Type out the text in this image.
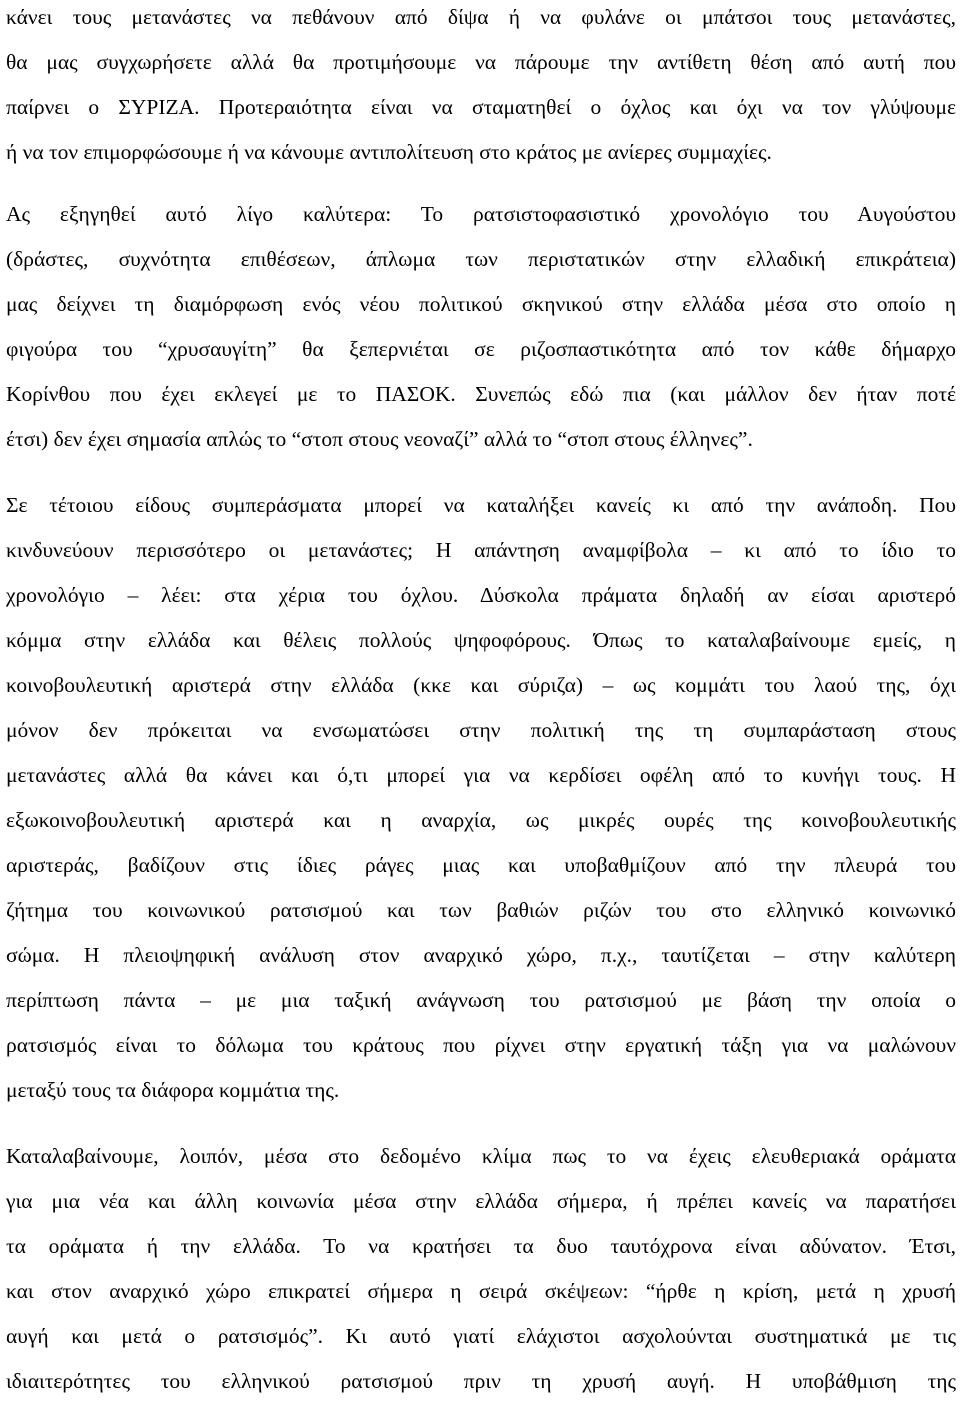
κάνει τους μετανάστες να πεθάνουν από δίψα ή να φυλάνε οι μπάτσοι τους μετανάστες,
θα μας συγχωρήσετε αλλά θα προτιμήσουμε να πάρουμε την αντίθετη θέση από αυτή που
παίρνει ο ΣΥΡΙΖΑ. Προτεραιότητα είναι να σταματηθεί ο όχλος και όχι να τον γλύψουμε
ή να τον επιμορφώσουμε ή να κάνουμε αντιπολίτευση στο κράτος με ανίερες συμμαχίες.
Ας εξηγηθεί αυτό λίγο καλύτερα: Το ρατσιστοφασιστικό χρονολόγιο του Αυγούστου
(δράστες, συχνότητα επιθέσεων, άπλωμα των περιστατικών στην ελλαδική επικράτεια)
μας δείχνει τη διαμόρφωση ενός νέου πολιτικού σκηνικού στην ελλάδα μέσα στο οποίο η
φιγούρα του “χρυσαυγίτη” θα ξεπερνιέται σε ριζοσπαστικότητα από τον κάθε δήμαρχο
Κορίνθου που έχει εκλεγεί με το ΠΑΣΟΚ. Συνεπώς εδώ πια (και μάλλον δεν ήταν ποτέ
έτσι) δεν έχει σημασία απλώς το “στοπ στους νεοναζί” αλλά το “στοπ στους έλληνες”.
Σε τέτοιου είδους συμπεράσματα μπορεί να καταλήξει κανείς κι από την ανάποδη. Που
κινδυνεύουν περισσότερο οι μετανάστες; Η απάντηση αναμφίβολα – κι από το ίδιο το
χρονολόγιο – λέει: στα χέρια του όχλου. Δύσκολα πράματα δηλαδή αν είσαι αριστερό
κόμμα στην ελλάδα και θέλεις πολλούς ψηφοφόρους. Όπως το καταλαβαίνουμε εμείς, η
κοινοβουλευτική αριστερά στην ελλάδα (κκε και σύριζα) – ως κομμάτι του λαού της, όχι
μόνον δεν πρόκειται να ενσωματώσει στην πολιτική της τη συμπαράσταση στους
μετανάστες αλλά θα κάνει και ό,τι μπορεί για να κερδίσει οφέλη από το κυνήγι τους. Η
εξωκοινοβουλευτική αριστερά και η αναρχία, ως μικρές ουρές της κοινοβουλευτικής
αριστεράς, βαδίζουν στις ίδιες ράγες μιας και υποβαθμίζουν από την πλευρά του
ζήτημα του κοινωνικού ρατσισμού και των βαθιών ριζών του στο ελληνικό κοινωνικό
σώμα. Η πλειοψηφική ανάλυση στον αναρχικό χώρο, π.χ., ταυτίζεται – στην καλύτερη
περίπτωση πάντα – με μια ταξική ανάγνωση του ρατσισμού με βάση την οποία ο
ρατσισμός είναι το δόλωμα του κράτους που ρίχνει στην εργατική τάξη για να μαλώνουν
μεταξύ τους τα διάφορα κομμάτια της.
Καταλαβαίνουμε, λοιπόν, μέσα στο δεδομένο κλίμα πως το να έχεις ελευθεριακά οράματα
για μια νέα και άλλη κοινωνία μέσα στην ελλάδα σήμερα, ή πρέπει κανείς να παρατήσει
τα οράματα ή την ελλάδα. Το να κρατήσει τα δυο ταυτόχρονα είναι αδύνατον. Έτσι,
και στον αναρχικό χώρο επικρατεί σήμερα η σειρά σκέψεων: “ήρθε η κρίση, μετά η χρυσή
αυγή και μετά ο ρατσισμός”. Κι αυτό γιατί ελάχιστοι ασχολούνται συστηματικά με τις
ιδιαιτερότητες του ελληνικού ρατσισμού πριν τη χρυσή αυγή. Η υποβάθμιση της
